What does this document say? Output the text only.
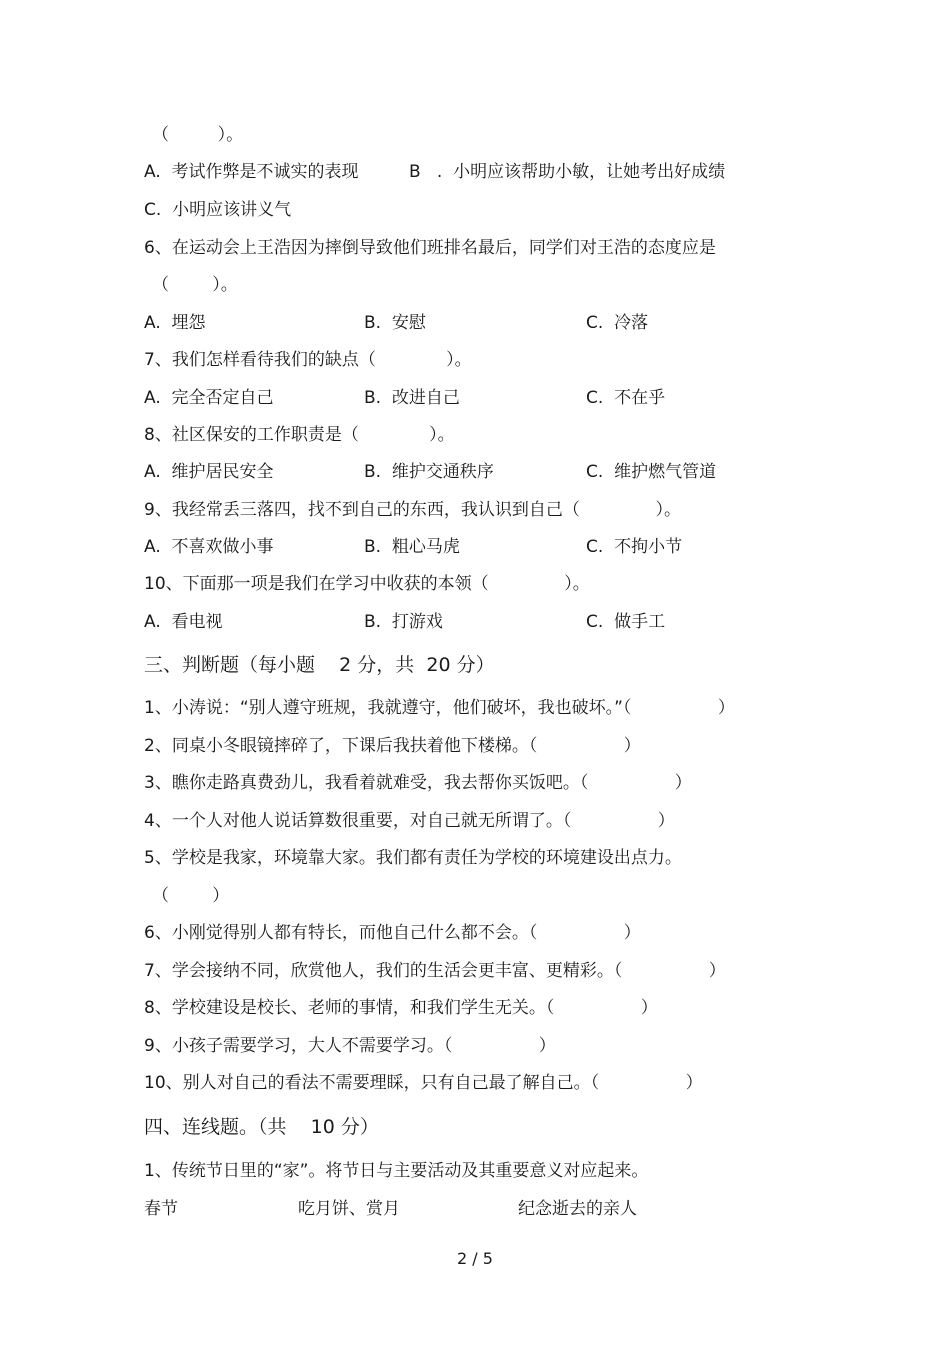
（         ）。
A.  考试作弊是不诚实的表现	B   .  小明应该帮助小敏，让她考出好成绩
C.  小明应该讲义气
6、在运动会上王浩因为摔倒导致他们班排名最后，同学们对王浩的态度应是
（        ）。
A.  埋怨	B.  安慰	C.  冷落
7、我们怎样看待我们的缺点（             ）。
A.  完全否定自己	B.  改进自己	C.  不在乎
8、社区保安的工作职责是（             ）。
A.  维护居民安全	B.  维护交通秩序	C.  维护燃气管道
9、我经常丢三落四，找不到自己的东西，我认识到自己（              ）。
A.  不喜欢做小事	B.  粗心马虎	C.  不拘小节
10、下面那一项是我们在学习中收获的本领（              ）。
A.  看电视	B.  打游戏	C.  做手工
三、判断题（每小题    2 分，共  20 分）
1、小涛说：“别人遵守班规，我就遵守，他们破坏，我也破坏。”（                ）
2、同桌小冬眼镜摔碎了，下课后我扶着他下楼梯。（                ）
3、瞧你走路真费劲儿，我看着就难受，我去帮你买饭吧。（                ）
4、一个人对他人说话算数很重要，对自己就无所谓了。（                ）
5、学校是我家，环境靠大家。我们都有责任为学校的环境建设出点力。
（        ）
6、小刚觉得别人都有特长，而他自己什么都不会。（                ）
7、学会接纳不同，欣赏他人，我们的生活会更丰富、更精彩。（                ）
8、学校建设是校长、老师的事情，和我们学生无关。（                ）
9、小孩子需要学习，大人不需要学习。（                ）
10、别人对自己的看法不需要理睬，只有自己最了解自己。（                ）
四、连线题。（共    10 分）
1、传统节日里的“家”。将节日与主要活动及其重要意义对应起来。
春节	吃月饼、赏月	纪念逝去的亲人
2 / 5
